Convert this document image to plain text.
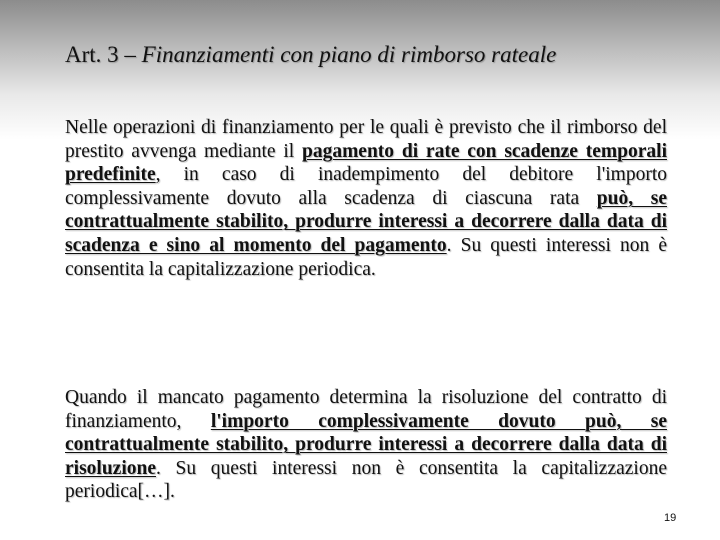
Art. 3 – Finanziamenti con piano di rimborso rateale
Nelle operazioni di finanziamento per le quali è previsto che il rimborso del prestito avvenga mediante il pagamento di rate con scadenze temporali predefinite, in caso di inadempimento del debitore l'importo complessivamente dovuto alla scadenza di ciascuna rata può, se contrattualmente stabilito, produrre interessi a decorrere dalla data di scadenza e sino al momento del pagamento. Su questi interessi non è consentita la capitalizzazione periodica.
Quando il mancato pagamento determina la risoluzione del contratto di finanziamento, l'importo complessivamente dovuto può, se contrattualmente stabilito, produrre interessi a decorrere dalla data di risoluzione. Su questi interessi non è consentita la capitalizzazione periodica[…].
19
